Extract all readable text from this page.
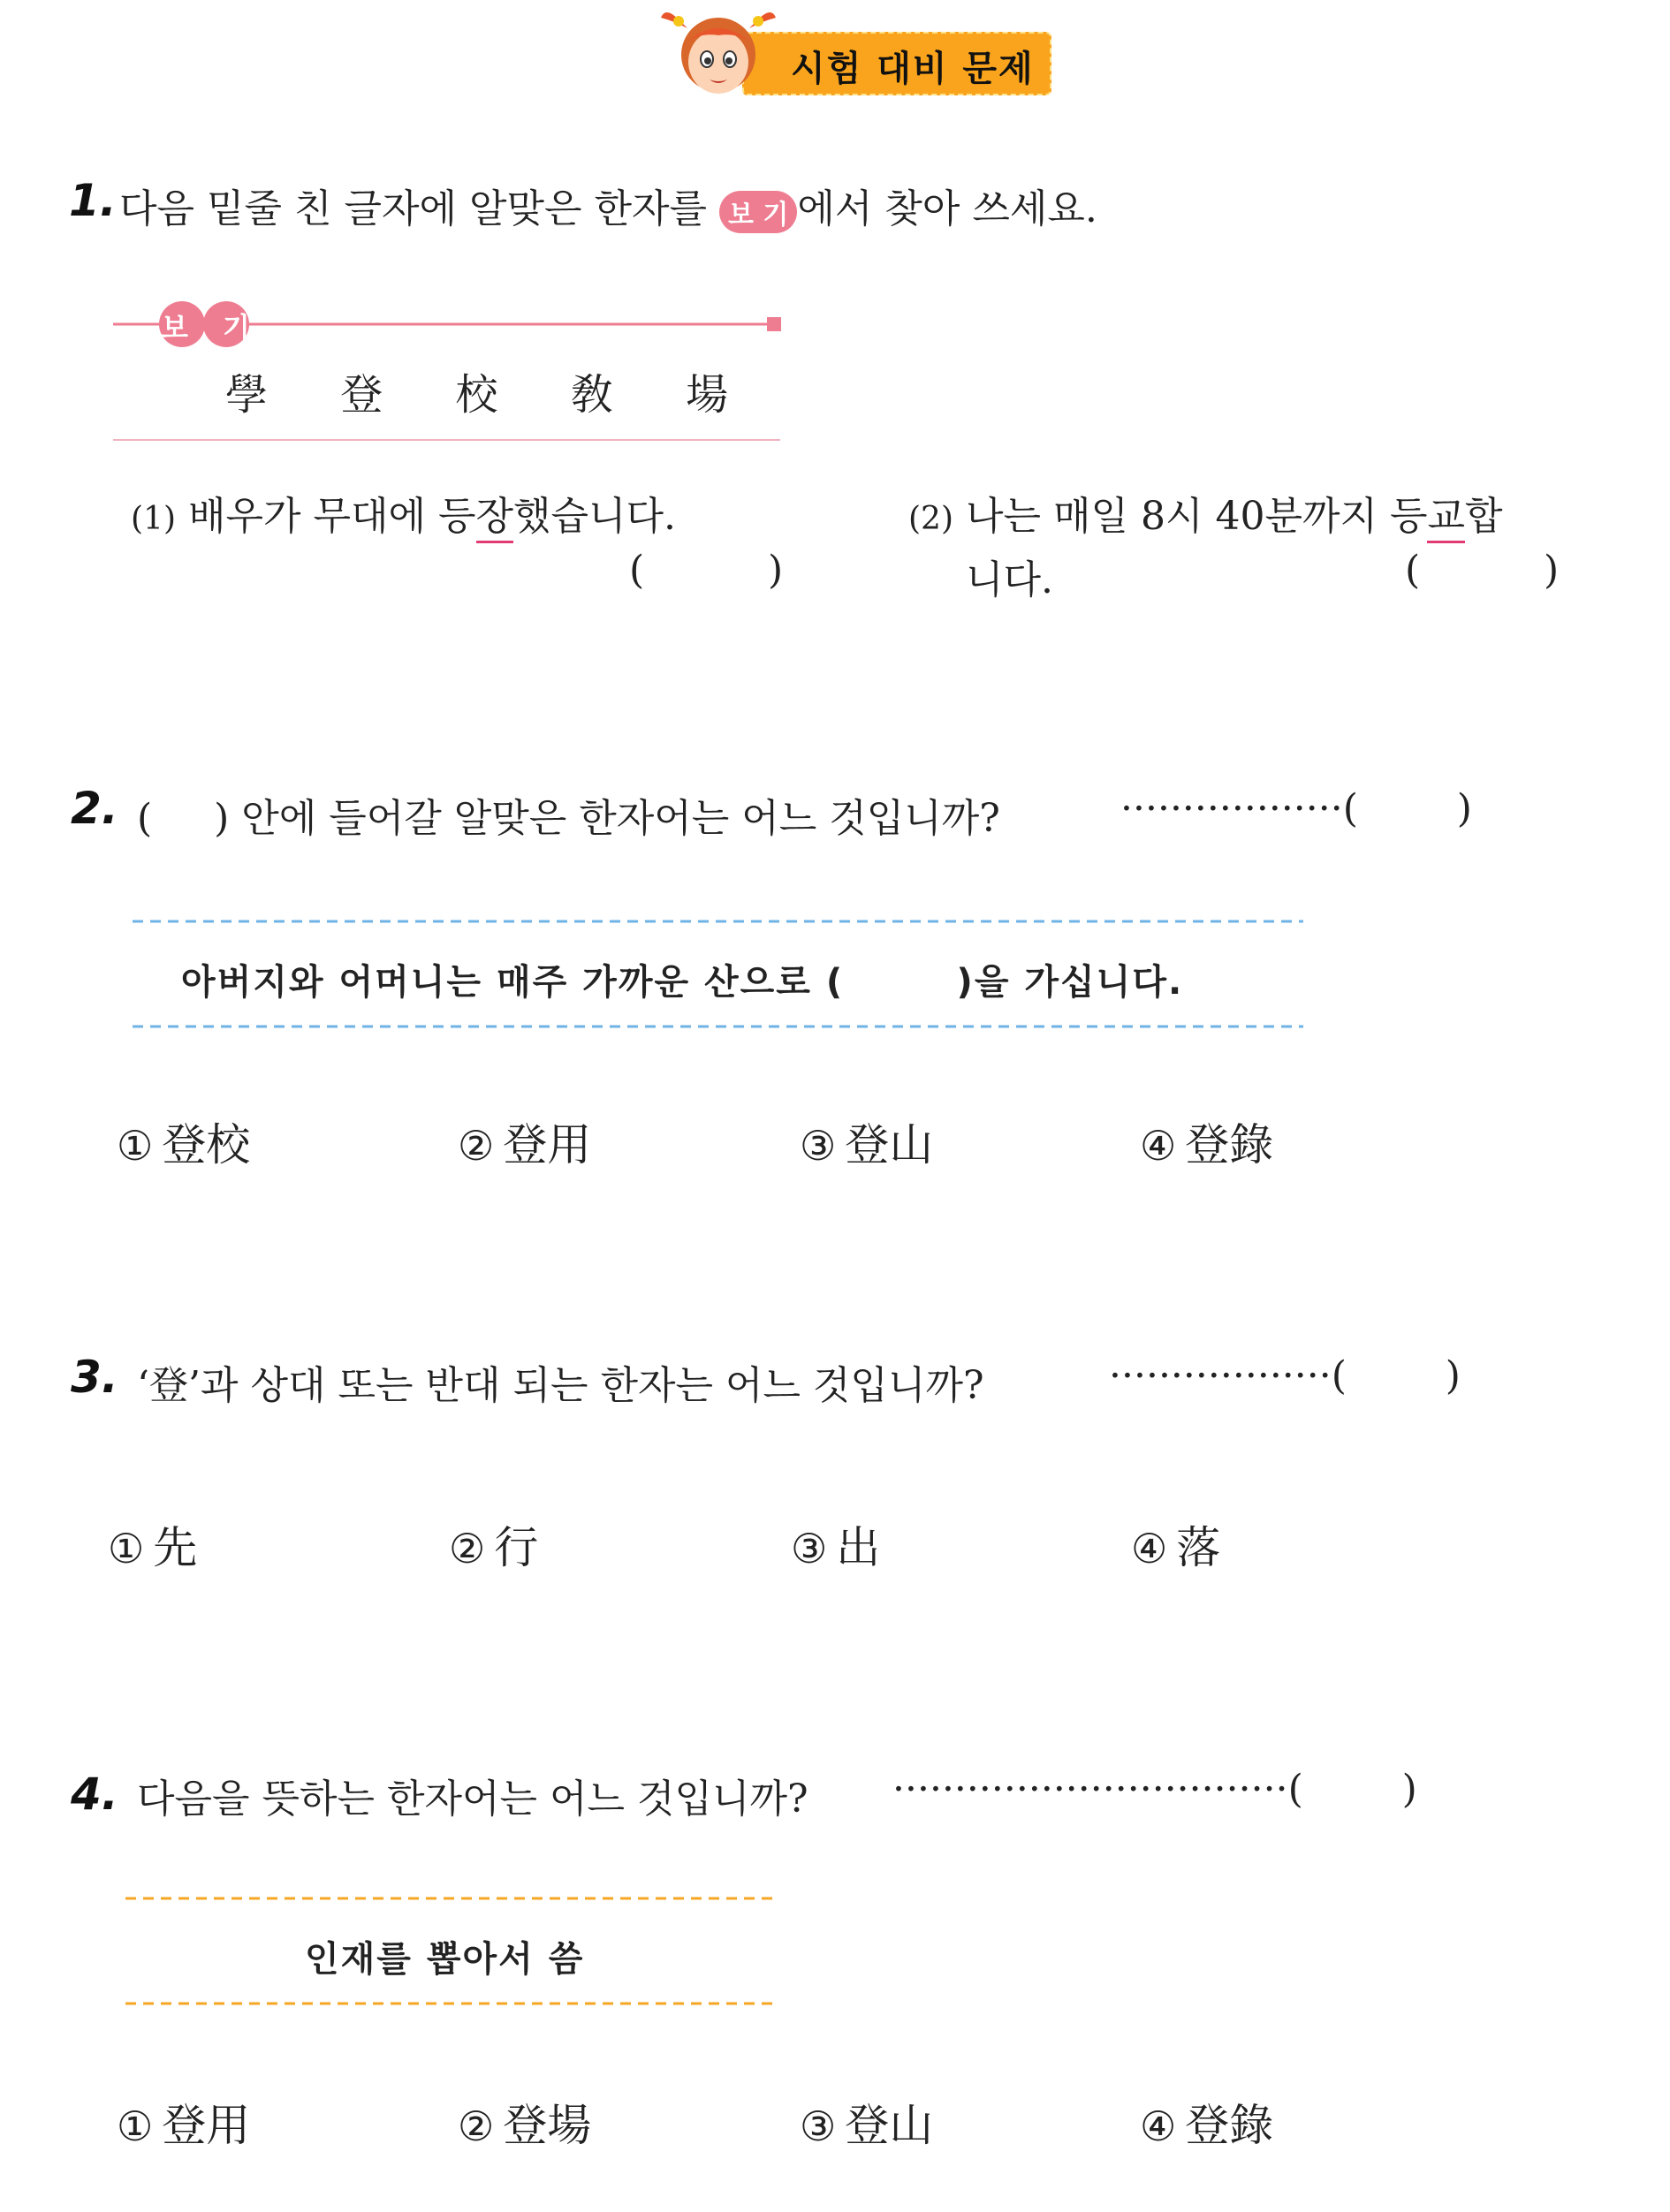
시험 대비 문제
1. 다음 밑줄 친 글자에 알맞은 한자를 보 기 에서 찾아 쓰세요.
보 기
學 登 校 敎 場
(1) 배우가 무대에 등장했습니다.
(          )
(2) 나는 매일 8시 40분까지 등교합
니다.	(          )
2. (     ) 안에 들어갈 알맞은 한자어는 어느 것입니까?	··················(        )
아버지와 어머니는 매주 가까운 산으로 (        )을 가십니다.
① 登校	② 登用	③ 登山	④ 登錄
3. ‘登’과 상대 또는 반대 되는 한자는 어느 것입니까?	··················(        )
① 先	② 行	③ 出	④ 落
4. 다음을 뜻하는 한자어는 어느 것입니까? ································(        )
인재를 뽑아서 씀
① 登用	② 登場	③ 登山	④ 登錄
